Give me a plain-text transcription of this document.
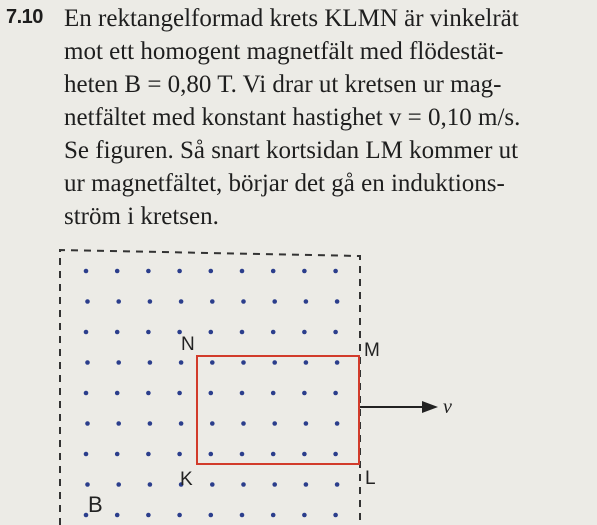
7.10 En rektangelformad krets KLMN är vinkelrät
mot ett homogent magnetfält med flödestät-
heten B = 0,80 T. Vi drar ut kretsen ur mag-
netfältet med konstant hastighet v = 0,10 m/s.
Se figuren. Så snart kortsidan LM kommer ut
ur magnetfältet, börjar det gå en induktions-
ström i kretsen.

N	M
K	L
B
v
